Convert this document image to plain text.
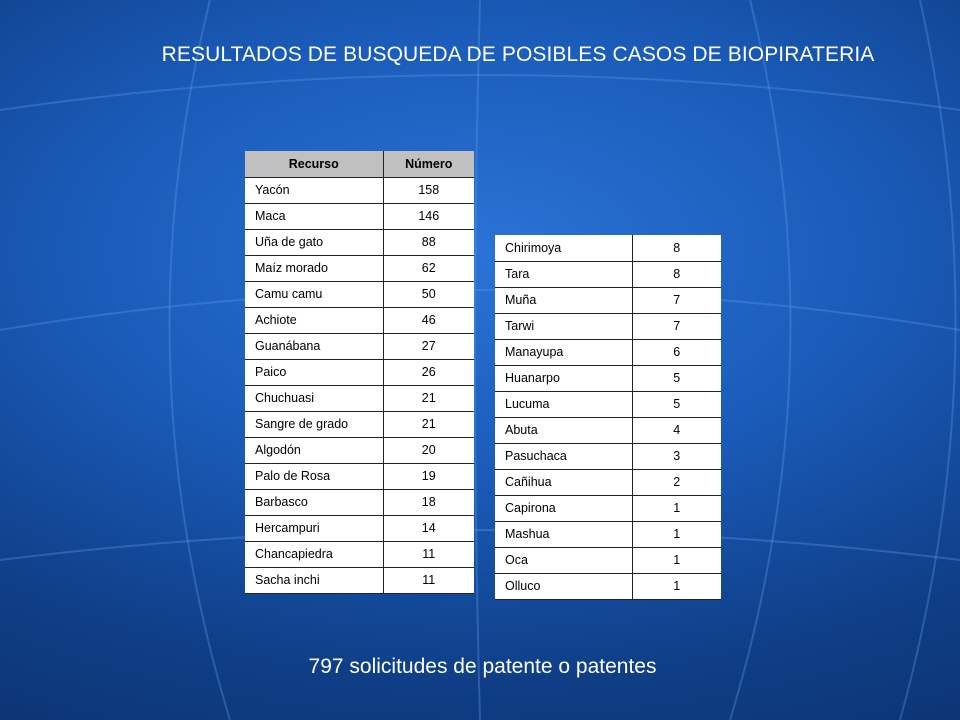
RESULTADOS DE BUSQUEDA DE POSIBLES CASOS DE BIOPIRATERIA
Recurso	Número
Yacón	158
Maca	146
Uña de gato	88
Maíz morado	62
Camu camu	50
Achiote	46
Guanábana	27
Paico	26
Chuchuasi	21
Sangre de grado	21
Algodón	20
Palo de Rosa	19
Barbasco	18
Hercampuri	14
Chancapiedra	11
Sacha inchi	11
Chirimoya	8
Tara	8
Muña	7
Tarwi	7
Manayupa	6
Huanarpo	5
Lucuma	5
Abuta	4
Pasuchaca	3
Cañihua	2
Capirona	1
Mashua	1
Oca	1
Olluco	1
797 solicitudes de patente o patentes
